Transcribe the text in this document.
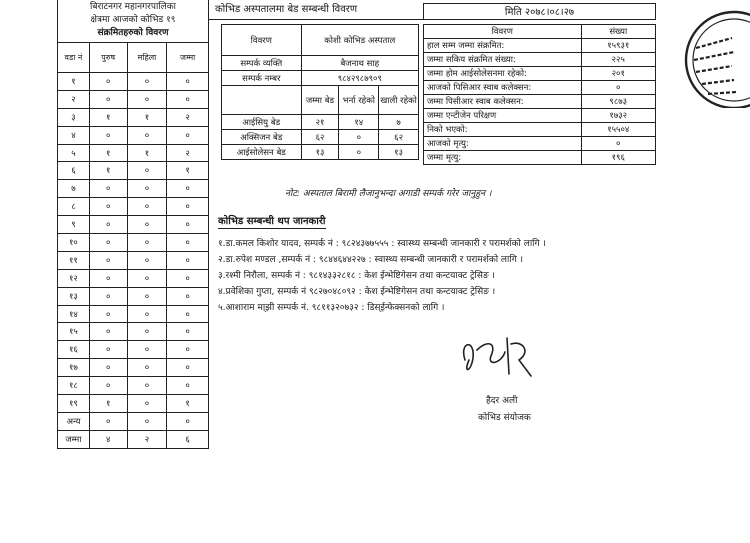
बिराटनगर महानगरपालिका
क्षेत्रमा आजको कोभिड १९
संक्रमितहरुको विवरण
वडा नं	पुरुष	महिला	जम्मा
१	०	०	०
२	०	०	०
३	१	१	२
४	०	०	०
५	१	१	२
६	१	०	१
७	०	०	०
८	०	०	०
९	०	०	०
१०	०	०	०
११	०	०	०
१२	०	०	०
१३	०	०	०
१४	०	०	०
१५	०	०	०
१६	०	०	०
१७	०	०	०
१८	०	०	०
१९	१	०	१
अन्य	०	०	०
जम्मा	४	२	६
कोभिड अस्पतालमा बेड सम्बन्धी विवरण
विवरण	कोशी कोभिड अस्पताल		
सम्पर्क व्यक्ति	बैजनाथ साह		
सम्पर्क नम्बर	९८४२९८७९०९		
	जम्मा बेड	भर्ना रहेको	खाली रहेको
आईसियु बेड	२१	१४	७
अक्सिजन बेड	६२	०	६२
आईसोलेसन बेड	१३	०	१३
मिति २०७८।०८।२७
विवरण	संख्या
हाल सम्म जम्मा संक्रमित:	१५९३१
जम्मा सकिय संक्रमित संख्या:	२२५
जम्मा होम आईसोलेसनमा रहेको:	२०१
आजको पिसिआर स्वाब कलेक्सन:	०
जम्मा पिसीआर स्वाब कलेक्सन:	९८७३
जम्मा एन्टीजेन परिक्षण	१७३२
निको भएको:	१५५०४
आजको मृत्यु:	०
जम्मा मृत्यु:	१९६
नोट: अस्पताल बिरामी लैजानुभन्दा अगाडी सम्पर्क गरेर जानुहुन ।
कोभिड सम्बन्धी थप जानकारी
१.डा.कमल किशोर यादव, सम्पर्क नं : ९८२४३७७५५५ : स्वास्थ्य सम्बन्धी जानकारी र परामर्शको लागि ।
२.डा.रुपेश मण्डल ,सम्पर्क नं : ९८४४६४४२२७ : स्वास्थ्य सम्बन्धी जानकारी र परामर्शको लागि ।
३.रश्मी निरौला, सम्पर्क नं : ९८१४३३२८१८ : केश ईन्भेष्टिगेसन तथा कन्टयाक्ट ट्रेसिङ ।
४.प्रवेशिका गुप्ता, सम्पर्क नं ९८२७०४८०९२ : केश ईन्भेष्टिगेसन तथा कन्टयाक्ट ट्रेसिङ ।
५.आशाराम मा्झी सम्पर्क नं. ९८११३२०७३२ : डिस्ईन्फेक्सनको लागि ।
हैदर अली
कोभिड संयोजक
